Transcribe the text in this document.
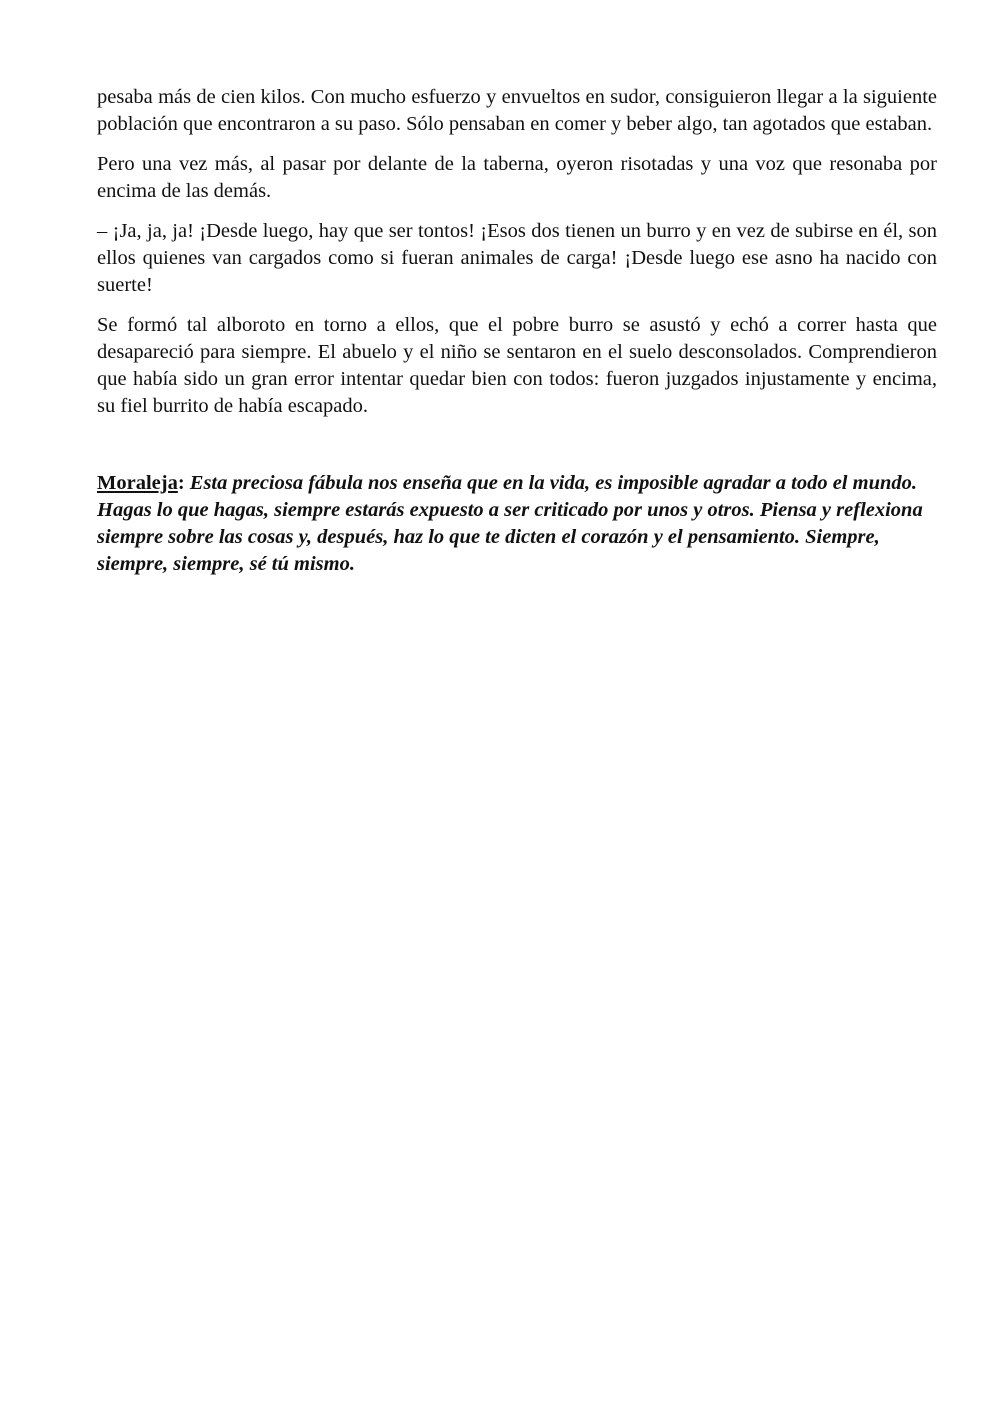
pesaba más de cien kilos. Con mucho esfuerzo y envueltos en sudor, consiguieron llegar a la siguiente población que encontraron a su paso. Sólo pensaban en comer y beber algo, tan agotados que estaban.

Pero una vez más, al pasar por delante de la taberna, oyeron risotadas y una voz que resonaba por encima de las demás.

– ¡Ja, ja, ja! ¡Desde luego, hay que ser tontos! ¡Esos dos tienen un burro y en vez de subirse en él, son ellos quienes van cargados como si fueran animales de carga! ¡Desde luego ese asno ha nacido con suerte!

Se formó tal alboroto en torno a ellos, que el pobre burro se asustó y echó a correr hasta que desapareció para siempre. El abuelo y el niño se sentaron en el suelo desconsolados. Comprendieron que había sido un gran error intentar quedar bien con todos: fueron juzgados injustamente y encima, su fiel burrito de había escapado.

Moraleja: Esta preciosa fábula nos enseña que en la vida, es imposible agradar a todo el mundo. Hagas lo que hagas, siempre estarás expuesto a ser criticado por unos y otros. Piensa y reflexiona siempre sobre las cosas y, después, haz lo que te dicten el corazón y el pensamiento. Siempre, siempre, siempre, sé tú mismo.
